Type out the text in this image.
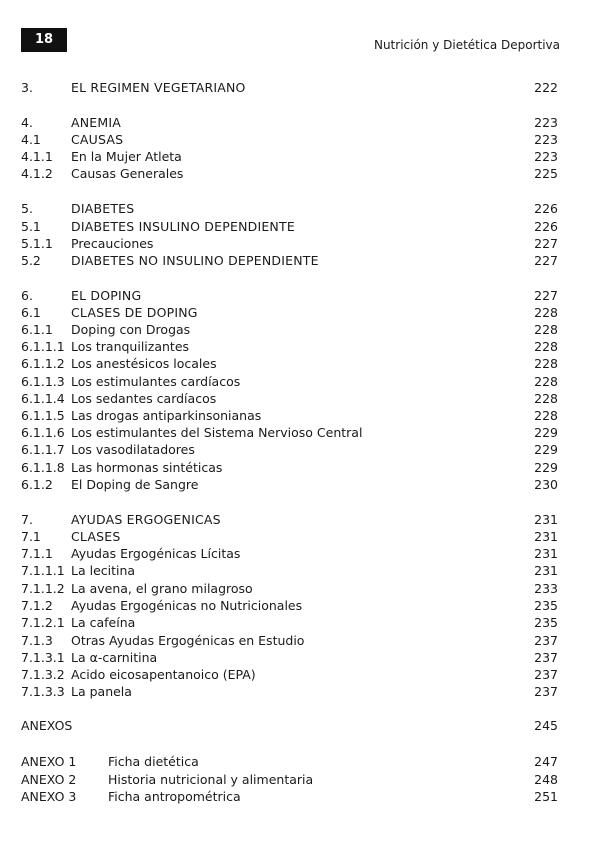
18	Nutrición y Dietética Deportiva
3.	EL REGIMEN VEGETARIANO	222
4.	ANEMIA	223
4.1 CAUSAS	223
4.1.1 En la Mujer Atleta	223
4.1.2 Causas Generales	225
5.	DIABETES	226
5.1 DIABETES INSULINO DEPENDIENTE	226
5.1.1 Precauciones	227
5.2 DIABETES NO INSULINO DEPENDIENTE	227
6.	EL DOPING	227
6.1 CLASES DE DOPING	228
6.1.1 Doping con Drogas	228
6.1.1.1 Los tranquilizantes	228
6.1.1.2 Los anestésicos locales	228
6.1.1.3 Los estimulantes cardíacos	228
6.1.1.4 Los sedantes cardíacos	228
6.1.1.5 Las drogas antiparkinsonianas	228
6.1.1.6 Los estimulantes del Sistema Nervioso Central	229
6.1.1.7 Los vasodilatadores	229
6.1.1.8 Las hormonas sintéticas	229
6.1.2 El Doping de Sangre	230
7.	AYUDAS ERGOGENICAS	231
7.1 CLASES	231
7.1.1 Ayudas Ergogénicas Lícitas	231
7.1.1.1 La lecitina	231
7.1.1.2 La avena, el grano milagroso	233
7.1.2 Ayudas Ergogénicas no Nutricionales	235
7.1.2.1 La cafeína	235
7.1.3 Otras Ayudas Ergogénicas en Estudio	237
7.1.3.1 La α-carnitina	237
7.1.3.2 Acido eicosapentanoico (EPA)	237
7.1.3.3 La panela	237
ANEXOS	245
ANEXO 1	Ficha dietética	247
ANEXO 2	Historia nutricional y alimentaria	248
ANEXO 3	Ficha antropométrica	251
